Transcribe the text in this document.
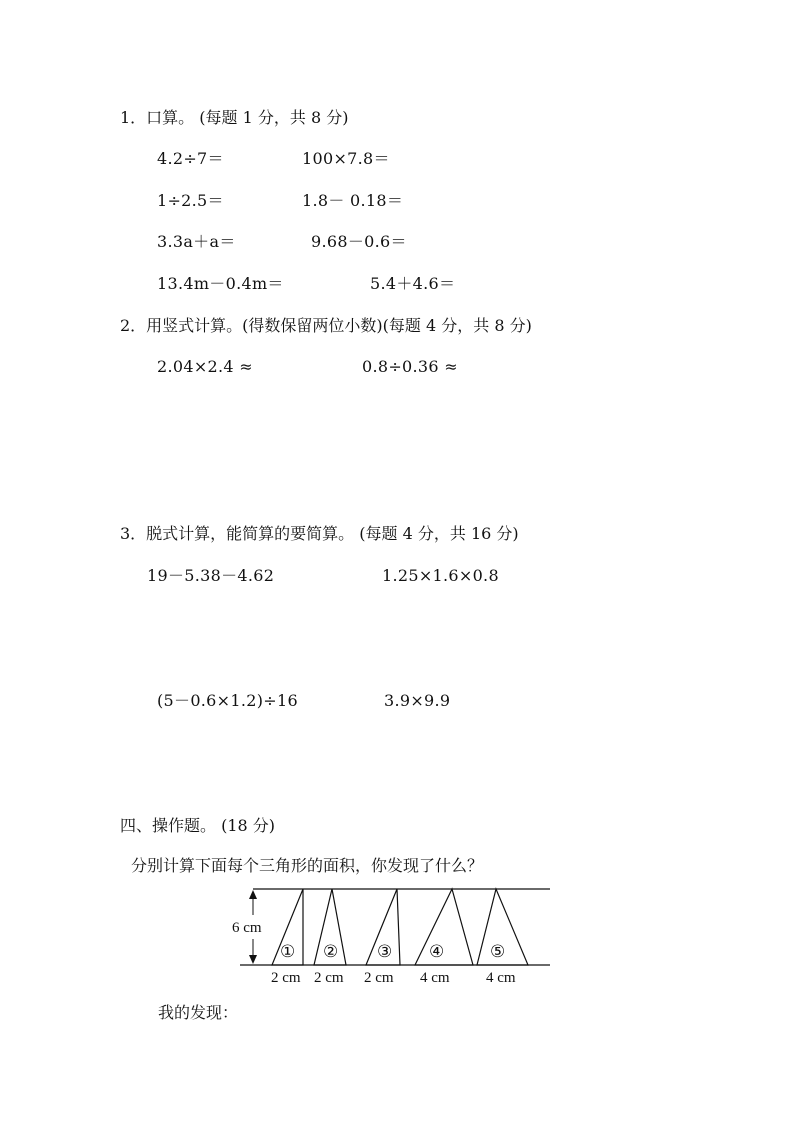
1．口算。 (每题 1 分，共 8 分)
4.2÷7＝	100×7.8＝
1÷2.5＝	1.8－ 0.18＝
3.3a＋a＝	9.68－0.6＝
13.4m－0.4m＝	5.4＋4.6＝
2．用竖式计算。(得数保留两位小数)(每题 4 分，共 8 分)
2.04×2.4 ≈	0.8÷0.36 ≈
3．脱式计算，能简算的要简算。 (每题 4 分，共 16 分)
19－5.38－4.62	1.25×1.6×0.8
(5－0.6×1.2)÷16	3.9×9.9
四、操作题。 (18 分)
分别计算下面每个三角形的面积，你发现了什么？
6 cm
① ② ③ ④	⑤
2 cm 2 cm 2 cm 4 cm 4 cm
我的发现：
